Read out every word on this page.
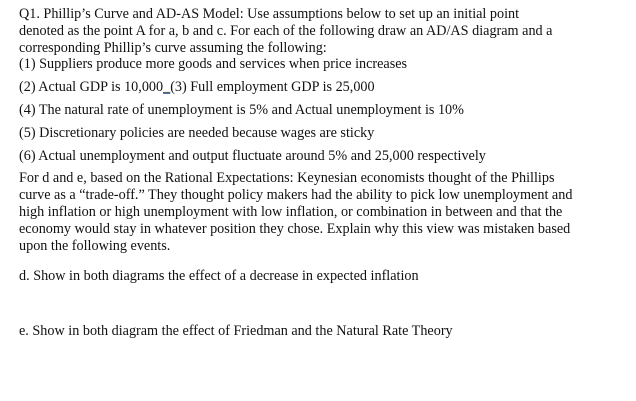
Q1. Phillip’s Curve and AD-AS Model: Use assumptions below to set up an initial point
denoted as the point A for a, b and c. For each of the following draw an AD/AS diagram and a
corresponding Phillip’s curve assuming the following:

(1) Suppliers produce more goods and services when price increases

(2) Actual GDP is 10,000_(3) Full employment GDP is 25,000

(4) The natural rate of unemployment is 5% and Actual unemployment is 10%

(5) Discretionary policies are needed because wages are sticky

(6) Actual unemployment and output fluctuate around 5% and 25,000 respectively

For d and e, based on the Rational Expectations: Keynesian economists thought of the Phillips
curve as a “trade-off.” They thought policy makers had the ability to pick low unemployment and
high inflation or high unemployment with low inflation, or combination in between and that the
economy would stay in whatever position they chose. Explain why this view was mistaken based
upon the following events.

d. Show in both diagrams the effect of a decrease in expected inflation

e. Show in both diagram the effect of Friedman and the Natural Rate Theory
